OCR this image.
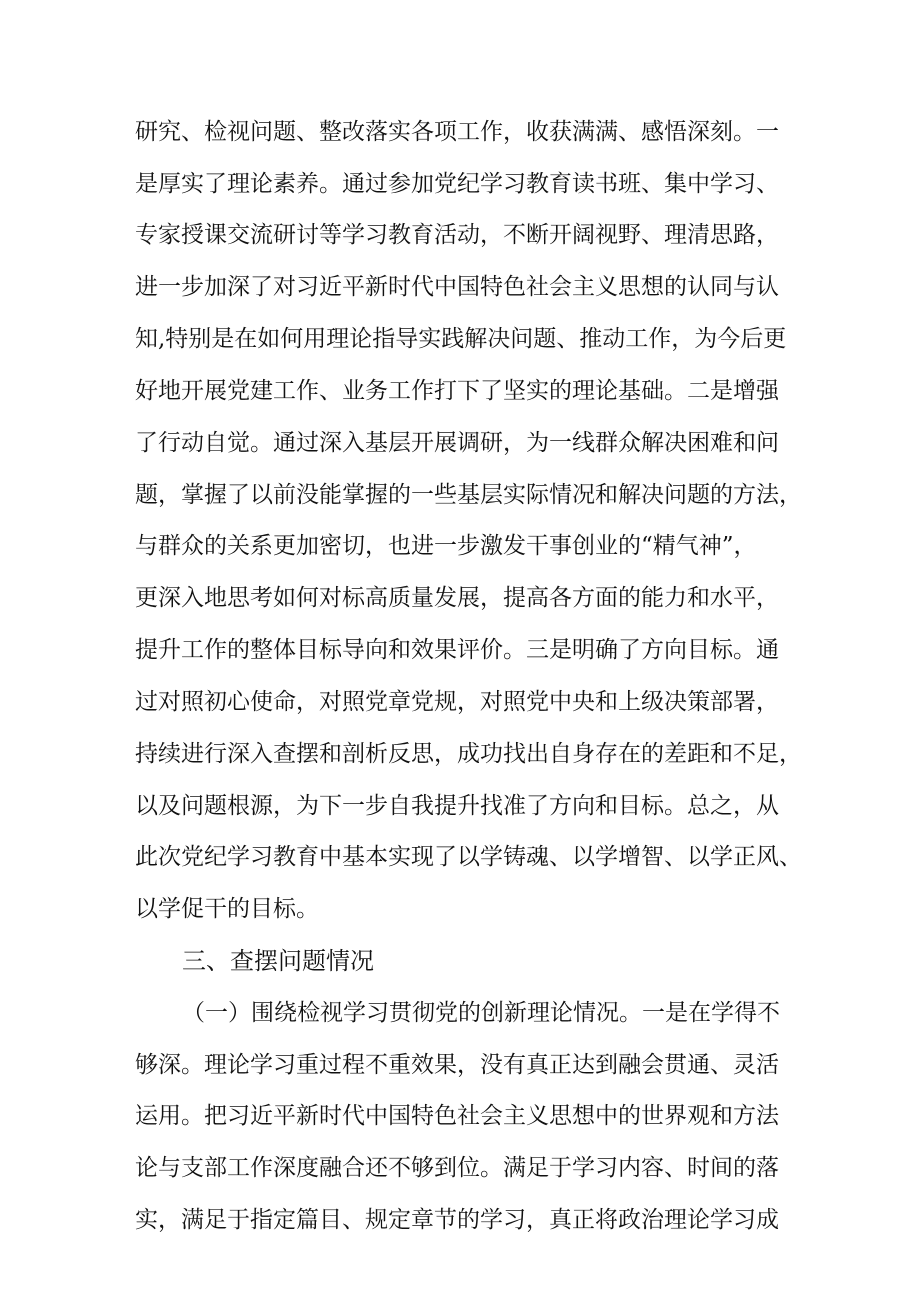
研究、检视问题、整改落实各项工作，收获满满、感悟深刻。一
是厚实了理论素养。通过参加党纪学习教育读书班、集中学习、
专家授课交流研讨等学习教育活动，不断开阔视野、理清思路，
进一步加深了对习近平新时代中国特色社会主义思想的认同与认
知,特别是在如何用理论指导实践解决问题、推动工作，为今后更
好地开展党建工作、业务工作打下了坚实的理论基础。二是增强
了行动自觉。通过深入基层开展调研，为一线群众解决困难和问
题，掌握了以前没能掌握的一些基层实际情况和解决问题的方法，
与群众的关系更加密切，也进一步激发干事创业的“精气神”，
更深入地思考如何对标高质量发展，提高各方面的能力和水平，
提升工作的整体目标导向和效果评价。三是明确了方向目标。通
过对照初心使命，对照党章党规，对照党中央和上级决策部署，
持续进行深入查摆和剖析反思，成功找出自身存在的差距和不足，
以及问题根源，为下一步自我提升找准了方向和目标。总之，从
此次党纪学习教育中基本实现了以学铸魂、以学增智、以学正风、
以学促干的目标。
三、查摆问题情况
（一）围绕检视学习贯彻党的创新理论情况。一是在学得不
够深。理论学习重过程不重效果，没有真正达到融会贯通、灵活
运用。把习近平新时代中国特色社会主义思想中的世界观和方法
论与支部工作深度融合还不够到位。满足于学习内容、时间的落
实，满足于指定篇目、规定章节的学习，真正将政治理论学习成
